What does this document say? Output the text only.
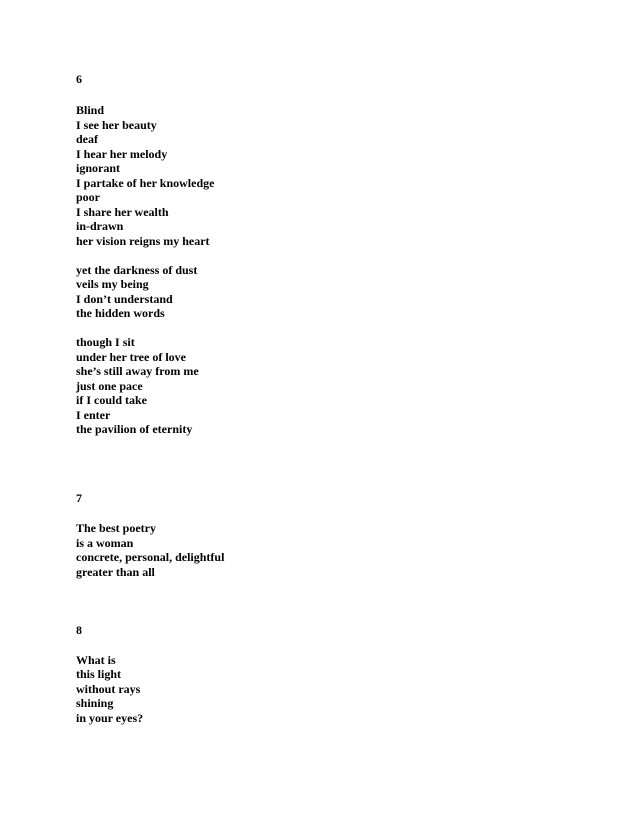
6
Blind
I see her beauty
deaf
I hear her melody
ignorant
I partake of her knowledge
poor
I share her wealth
in-drawn
her vision reigns my heart
yet the darkness of dust
veils my being
I don’t understand
the hidden words
though I sit
under her tree of love
she’s still away from me
just one pace
if I could take
I enter
the pavilion of eternity
7
The best poetry
is a woman
concrete, personal, delightful
greater than all
8
What is
this light
without rays
shining
in your eyes?
